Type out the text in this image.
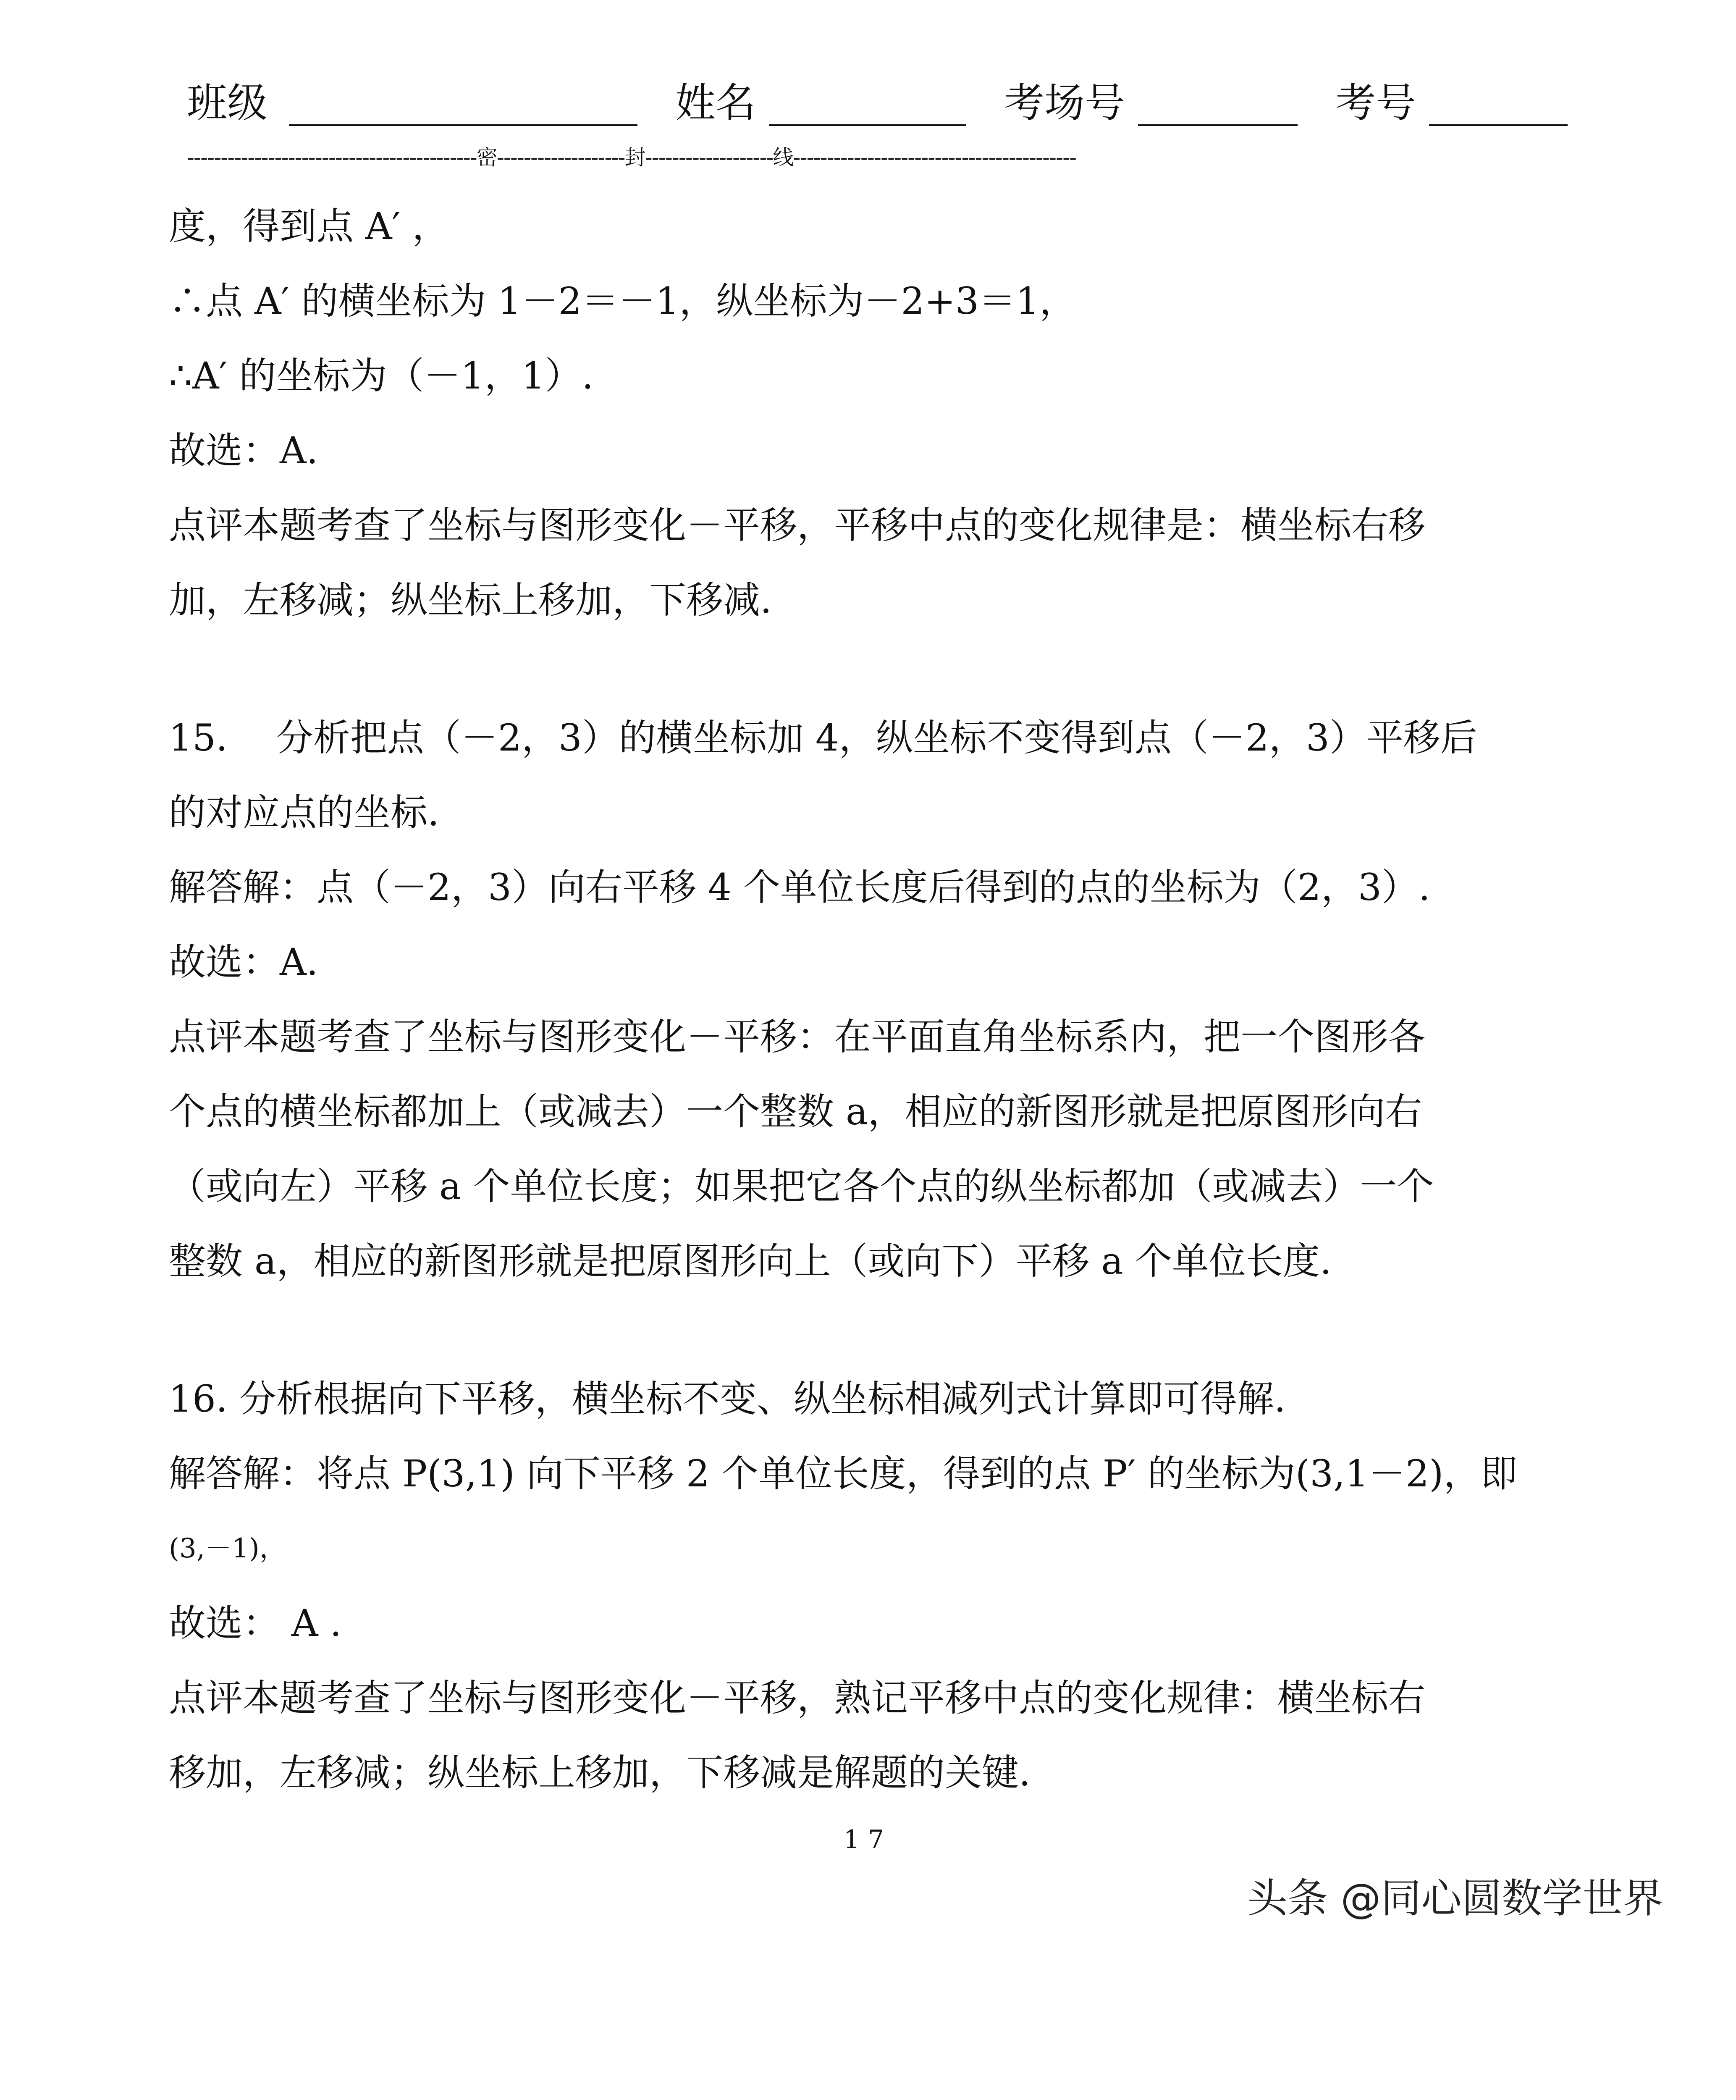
班级	姓名	考场号	考号
-------------------------------------------密-------------------封-------------------线------------------------------------------
度，得到点 A′ ，
∴点 A′ 的横坐标为 1－2＝－1，纵坐标为－2+3＝1，
∴A′ 的坐标为（－1，1）.
故选：A.
点评本题考查了坐标与图形变化－平移，平移中点的变化规律是：横坐标右移
加，左移减；纵坐标上移加，下移减.
15.　 分析把点（－2，3）的横坐标加 4，纵坐标不变得到点（－2，3）平移后
的对应点的坐标.
解答解：点（－2，3）向右平移 4 个单位长度后得到的点的坐标为（2，3）.
故选：A.
点评本题考查了坐标与图形变化－平移：在平面直角坐标系内，把一个图形各
个点的横坐标都加上（或减去）一个整数 a，相应的新图形就是把原图形向右
（或向左）平移 a 个单位长度；如果把它各个点的纵坐标都加（或减去）一个
整数 a，相应的新图形就是把原图形向上（或向下）平移 a 个单位长度.
16. 分析根据向下平移，横坐标不变、纵坐标相减列式计算即可得解.
解答解：将点 P(3,1) 向下平移 2 个单位长度，得到的点 P′ 的坐标为(3,1－2)，即
(3,－1)，
故选： A .
点评本题考查了坐标与图形变化－平移，熟记平移中点的变化规律：横坐标右
移加，左移减；纵坐标上移加，下移减是解题的关键.
17
头条 @同心圆数学世界
